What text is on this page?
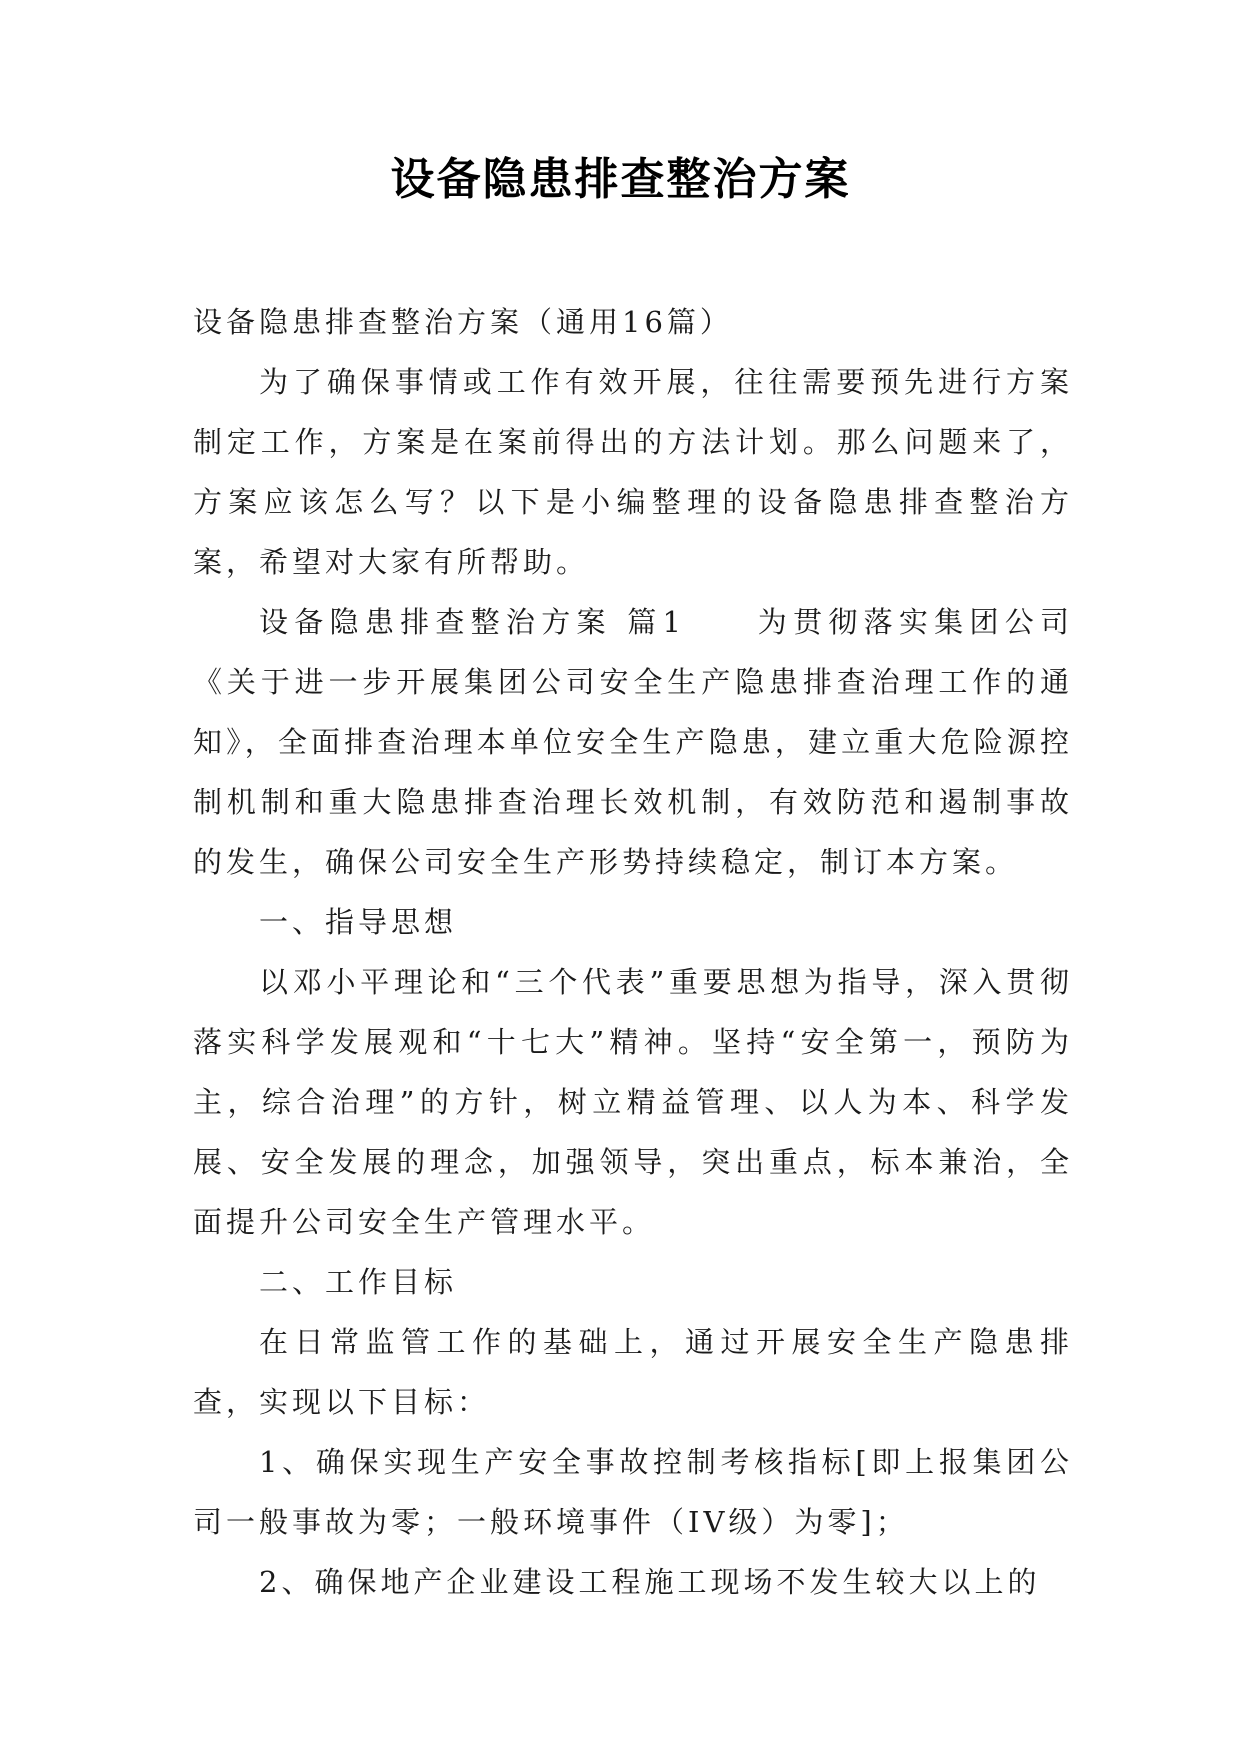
设备隐患排查整治方案

设备隐患排查整治方案（通用16篇）

为了确保事情或工作有效开展，往往需要预先进行方案制定工作，方案是在案前得出的方法计划。那么问题来了，方案应该怎么写？以下是小编整理的设备隐患排查整治方案，希望对大家有所帮助。

设备隐患排查整治方案 篇1　　为贯彻落实集团公司《关于进一步开展集团公司安全生产隐患排查治理工作的通知》，全面排查治理本单位安全生产隐患，建立重大危险源控制机制和重大隐患排查治理长效机制，有效防范和遏制事故的发生，确保公司安全生产形势持续稳定，制订本方案。

一、指导思想

以邓小平理论和“三个代表”重要思想为指导，深入贯彻落实科学发展观和“十七大”精神。坚持“安全第一，预防为主，综合治理”的方针，树立精益管理、以人为本、科学发展、安全发展的理念，加强领导，突出重点，标本兼治，全面提升公司安全生产管理水平。

二、工作目标

在日常监管工作的基础上，通过开展安全生产隐患排查，实现以下目标：

1、确保实现生产安全事故控制考核指标[即上报集团公司一般事故为零；一般环境事件（IV级）为零]；

2、确保地产企业建设工程施工现场不发生较大以上的
